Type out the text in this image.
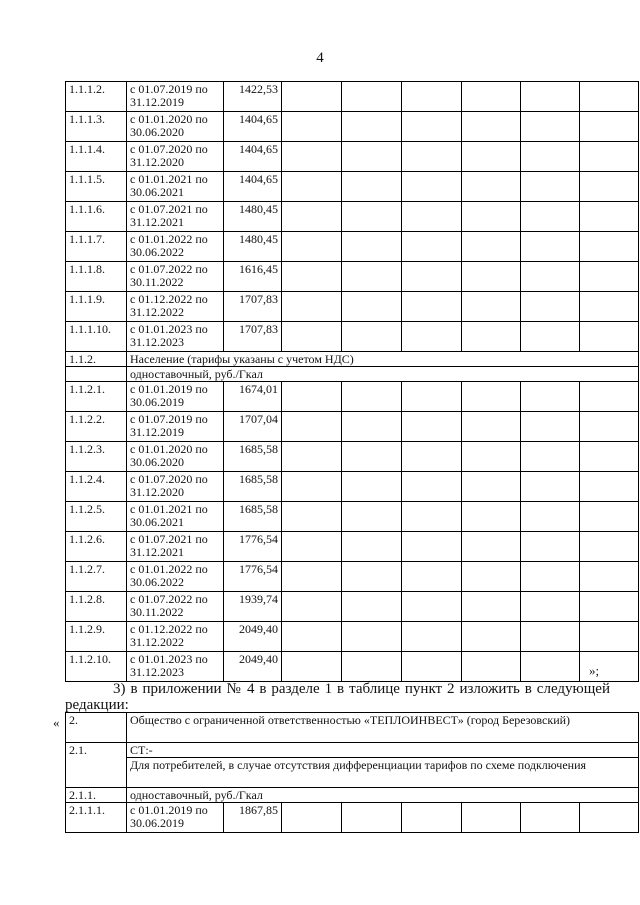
4
1.1.1.2.	с 01.07.2019 по 31.12.2019	1422,53						
1.1.1.3.	с 01.01.2020 по 30.06.2020	1404,65						
1.1.1.4.	с 01.07.2020 по 31.12.2020	1404,65						
1.1.1.5.	с 01.01.2021 по 30.06.2021	1404,65						
1.1.1.6.	с 01.07.2021 по 31.12.2021	1480,45						
1.1.1.7.	с 01.01.2022 по 30.06.2022	1480,45						
1.1.1.8.	с 01.07.2022 по 30.11.2022	1616,45						
1.1.1.9.	с 01.12.2022 по 31.12.2022	1707,83						
1.1.1.10.	с 01.01.2023 по 31.12.2023	1707,83						
1.1.2.	Население (тарифы указаны с учетом НДС)							
	одноставочный, руб./Гкал							
1.1.2.1.	с 01.01.2019 по 30.06.2019	1674,01						
1.1.2.2.	с 01.07.2019 по 31.12.2019	1707,04						
1.1.2.3.	с 01.01.2020 по 30.06.2020	1685,58						
1.1.2.4.	с 01.07.2020 по 31.12.2020	1685,58						
1.1.2.5.	с 01.01.2021 по 30.06.2021	1685,58						
1.1.2.6.	с 01.07.2021 по 31.12.2021	1776,54						
1.1.2.7.	с 01.01.2022 по 30.06.2022	1776,54						
1.1.2.8.	с 01.07.2022 по 30.11.2022	1939,74						
1.1.2.9.	с 01.12.2022 по 31.12.2022	2049,40						
1.1.2.10.	с 01.01.2023 по 31.12.2023	2049,40						
»;
3) в приложении № 4 в разделе 1 в таблице пункт 2 изложить в следующей
редакции:
« 2.	Общество с ограниченной ответственностью «ТЕПЛОИНВЕСТ» (город Березовский)							
2.1.	СТ:-							
	Для потребителей, в случае отсутствия дифференциации тарифов по схеме подключения							
2.1.1.	одноставочный, руб./Гкал							
2.1.1.1.	с 01.01.2019 по 30.06.2019	1867,85						
